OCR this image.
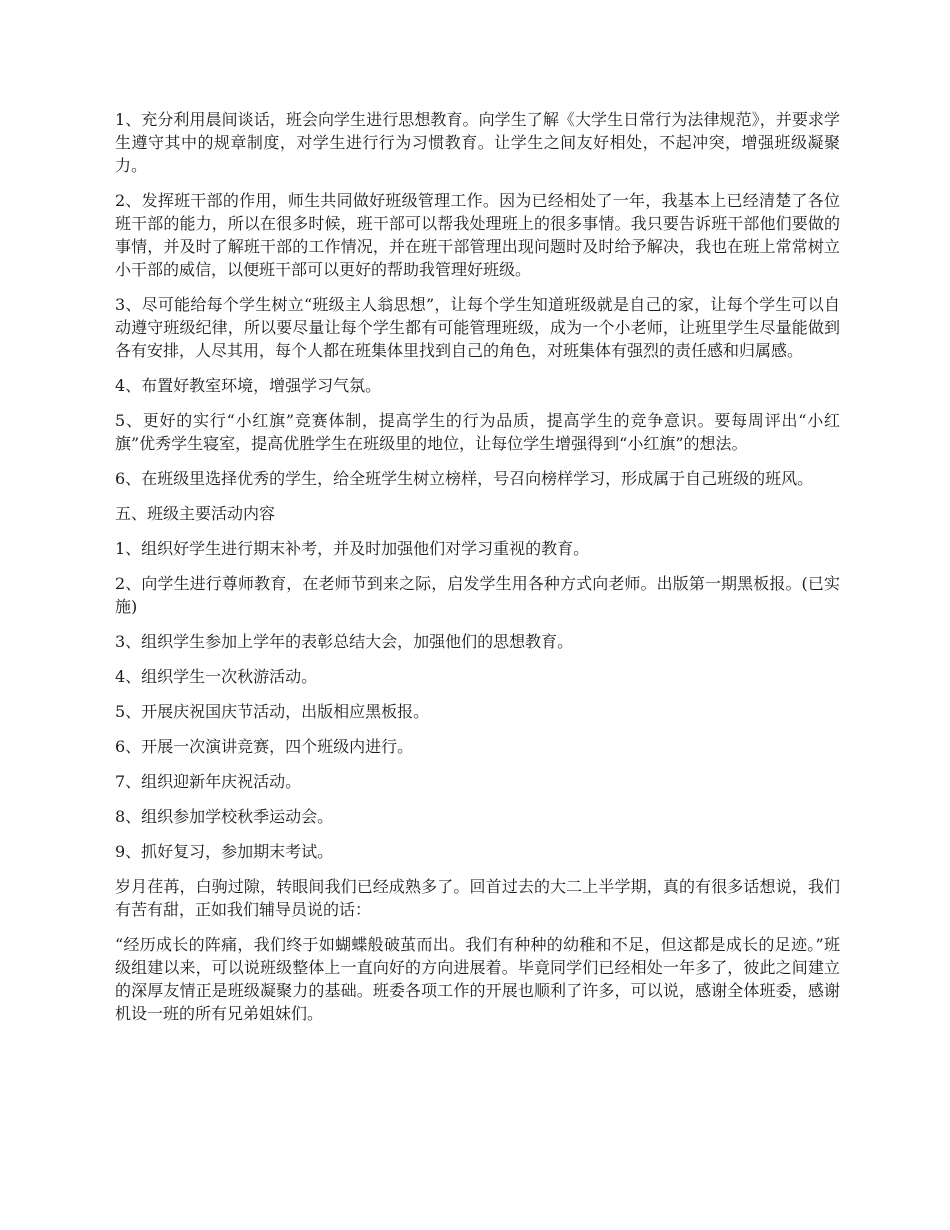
1、充分利用晨间谈话，班会向学生进行思想教育。向学生了解《大学生日常行为法律规范》，并要求学生遵守其中的规章制度，对学生进行行为习惯教育。让学生之间友好相处，不起冲突，增强班级凝聚力。

2、发挥班干部的作用，师生共同做好班级管理工作。因为已经相处了一年，我基本上已经清楚了各位班干部的能力，所以在很多时候，班干部可以帮我处理班上的很多事情。我只要告诉班干部他们要做的事情，并及时了解班干部的工作情况，并在班干部管理出现问题时及时给予解决，我也在班上常常树立小干部的威信，以便班干部可以更好的帮助我管理好班级。

3、尽可能给每个学生树立“班级主人翁思想”，让每个学生知道班级就是自己的家，让每个学生可以自动遵守班级纪律，所以要尽量让每个学生都有可能管理班级，成为一个小老师，让班里学生尽量能做到各有安排，人尽其用，每个人都在班集体里找到自己的角色，对班集体有强烈的责任感和归属感。

4、布置好教室环境，增强学习气氛。

5、更好的实行“小红旗”竞赛体制，提高学生的行为品质，提高学生的竞争意识。要每周评出“小红旗”优秀学生寝室，提高优胜学生在班级里的地位，让每位学生增强得到“小红旗”的想法。

6、在班级里选择优秀的学生，给全班学生树立榜样，号召向榜样学习，形成属于自己班级的班风。

五、班级主要活动内容

1、组织好学生进行期末补考，并及时加强他们对学习重视的教育。

2、向学生进行尊师教育，在老师节到来之际，启发学生用各种方式向老师。出版第一期黑板报。(已实施)

3、组织学生参加上学年的表彰总结大会，加强他们的思想教育。

4、组织学生一次秋游活动。

5、开展庆祝国庆节活动，出版相应黑板报。

6、开展一次演讲竞赛，四个班级内进行。

7、组织迎新年庆祝活动。

8、组织参加学校秋季运动会。

9、抓好复习，参加期末考试。

岁月荏苒，白驹过隙，转眼间我们已经成熟多了。回首过去的大二上半学期，真的有很多话想说，我们有苦有甜，正如我们辅导员说的话：

“经历成长的阵痛，我们终于如蝴蝶般破茧而出。我们有种种的幼稚和不足，但这都是成长的足迹。”班级组建以来，可以说班级整体上一直向好的方向进展着。毕竟同学们已经相处一年多了，彼此之间建立的深厚友情正是班级凝聚力的基础。班委各项工作的开展也顺利了许多，可以说，感谢全体班委，感谢机设一班的所有兄弟姐妹们。
